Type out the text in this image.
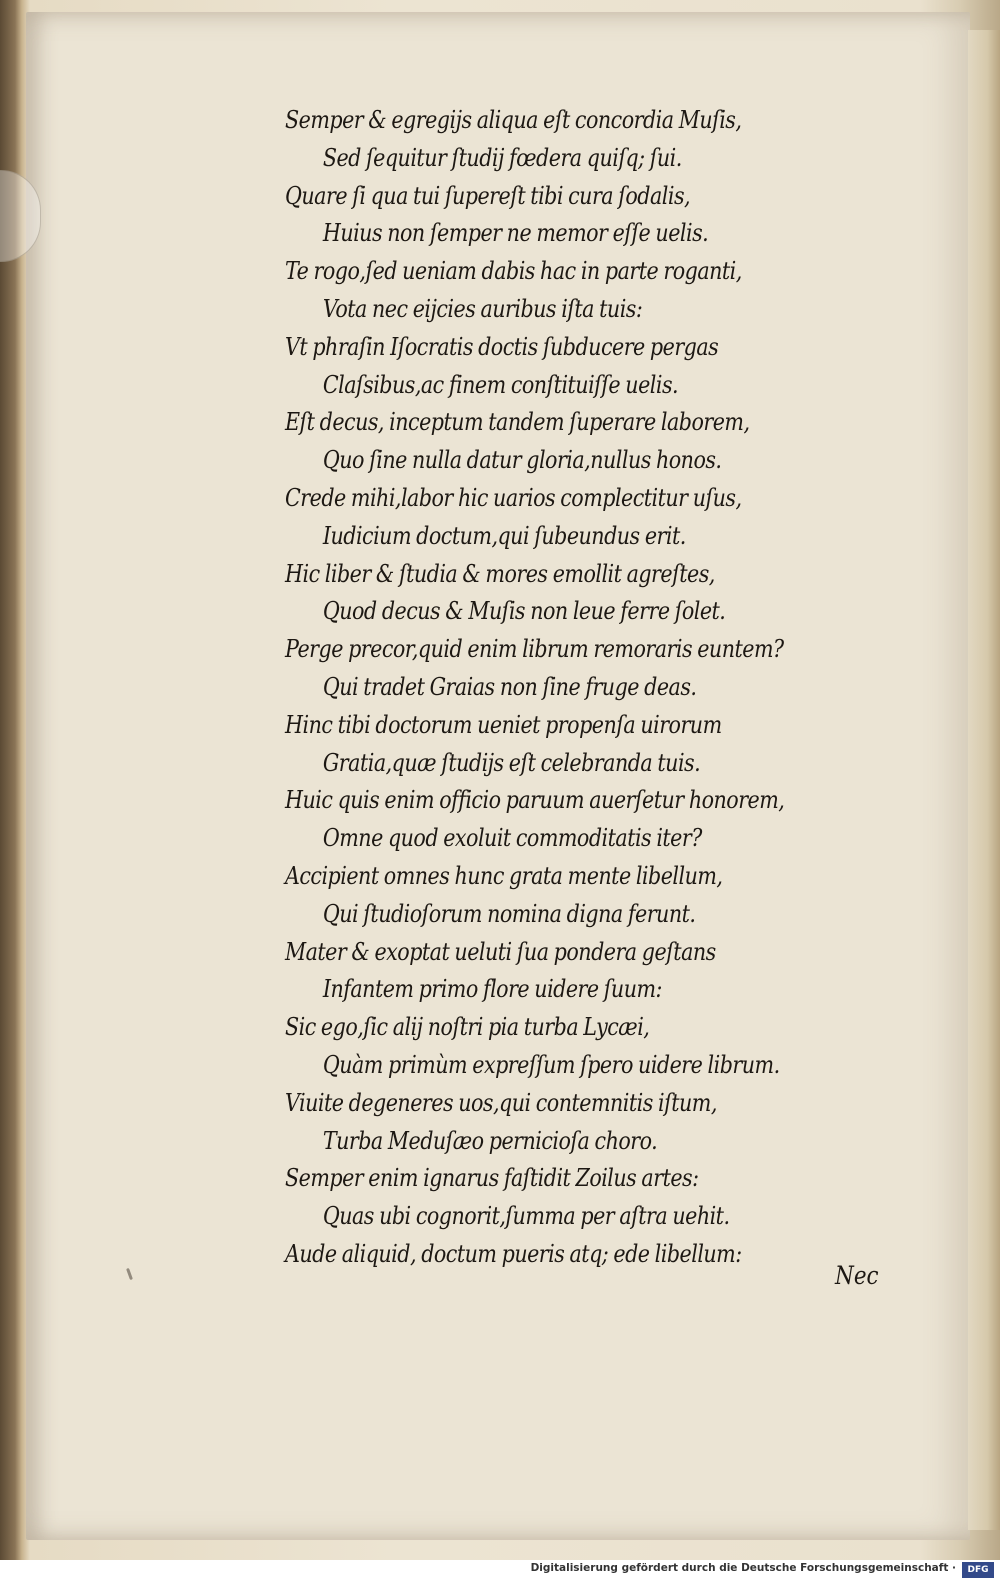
Semper & egregijs aliqua eſt concordia Muſis,
Sed ſequitur ſtudij fœdera quiſq; ſui.
Quare ſi qua tui ſupereſt tibi cura ſodalis,
Huius non ſemper ne memor eſſe uelis.
Te rogo,ſed ueniam dabis hac in parte roganti,
Vota nec eijcies auribus iſta tuis:
Vt phraſin Iſocratis doctis ſubducere pergas
Claſsibus,ac finem conſtituiſſe uelis.
Eſt decus, inceptum tandem ſuperare laborem,
Quo ſine nulla datur gloria,nullus honos.
Crede mihi,labor hic uarios complectitur uſus,
Iudicium doctum,qui ſubeundus erit.
Hic liber & ſtudia & mores emollit agreſtes,
Quod decus & Muſis non leue ferre ſolet.
Perge precor,quid enim librum remoraris euntem?
Qui tradet Graias non ſine fruge deas.
Hinc tibi doctorum ueniet propenſa uirorum
Gratia,quæ ſtudijs eſt celebranda tuis.
Huic quis enim officio paruum auerſetur honorem,
Omne quod exoluit commoditatis iter?
Accipient omnes hunc grata mente libellum,
Qui ſtudioſorum nomina digna ferunt.
Mater & exoptat ueluti ſua pondera geſtans
Infantem primo flore uidere ſuum:
Sic ego,ſic alij noſtri pia turba Lycæi,
Quàm primùm expreſſum ſpero uidere librum.
Viuite degeneres uos,qui contemnitis iſtum,
Turba Meduſæo pernicioſa choro.
Semper enim ignarus faſtidit Zoilus artes:
Quas ubi cognorit,ſumma per aſtra uehit.
Aude aliquid, doctum pueris atq; ede libellum:
Nec
Digitalisierung gefördert durch die Deutsche Forschungsgemeinschaft ·	DFG
